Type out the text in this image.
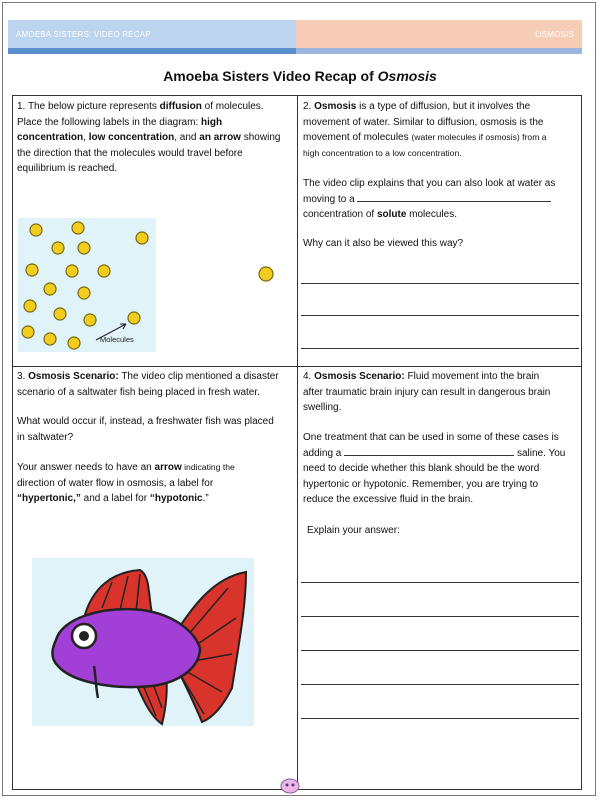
AMOEBA SISTERS: VIDEO RECAP	OSMOSIS
Amoeba Sisters Video Recap of Osmosis
1. The below picture represents diffusion of molecules.
Place the following labels in the diagram: high
concentration, low concentration, and an arrow showing
the direction that the molecules would travel before
equilibrium is reached.
Molecules
2. Osmosis is a type of diffusion, but it involves the
movement of water. Similar to diffusion, osmosis is the
movement of molecules (water molecules if osmosis) from a
high concentration to a low concentration.
The video clip explains that you can also look at water as
moving to a
concentration of solute molecules.
Why can it also be viewed this way?
3. Osmosis Scenario: The video clip mentioned a disaster
scenario of a saltwater fish being placed in fresh water.
What would occur if, instead, a freshwater fish was placed
in saltwater?
Your answer needs to have an arrow indicating the
direction of water flow in osmosis, a label for
“hypertonic,” and a label for “hypotonic.”
4. Osmosis Scenario: Fluid movement into the brain
after traumatic brain injury can result in dangerous brain
swelling.
One treatment that can be used in some of these cases is
adding a	saline. You
need to decide whether this blank should be the word
hypertonic or hypotonic. Remember, you are trying to
reduce the excessive fluid in the brain.
Explain your answer:
